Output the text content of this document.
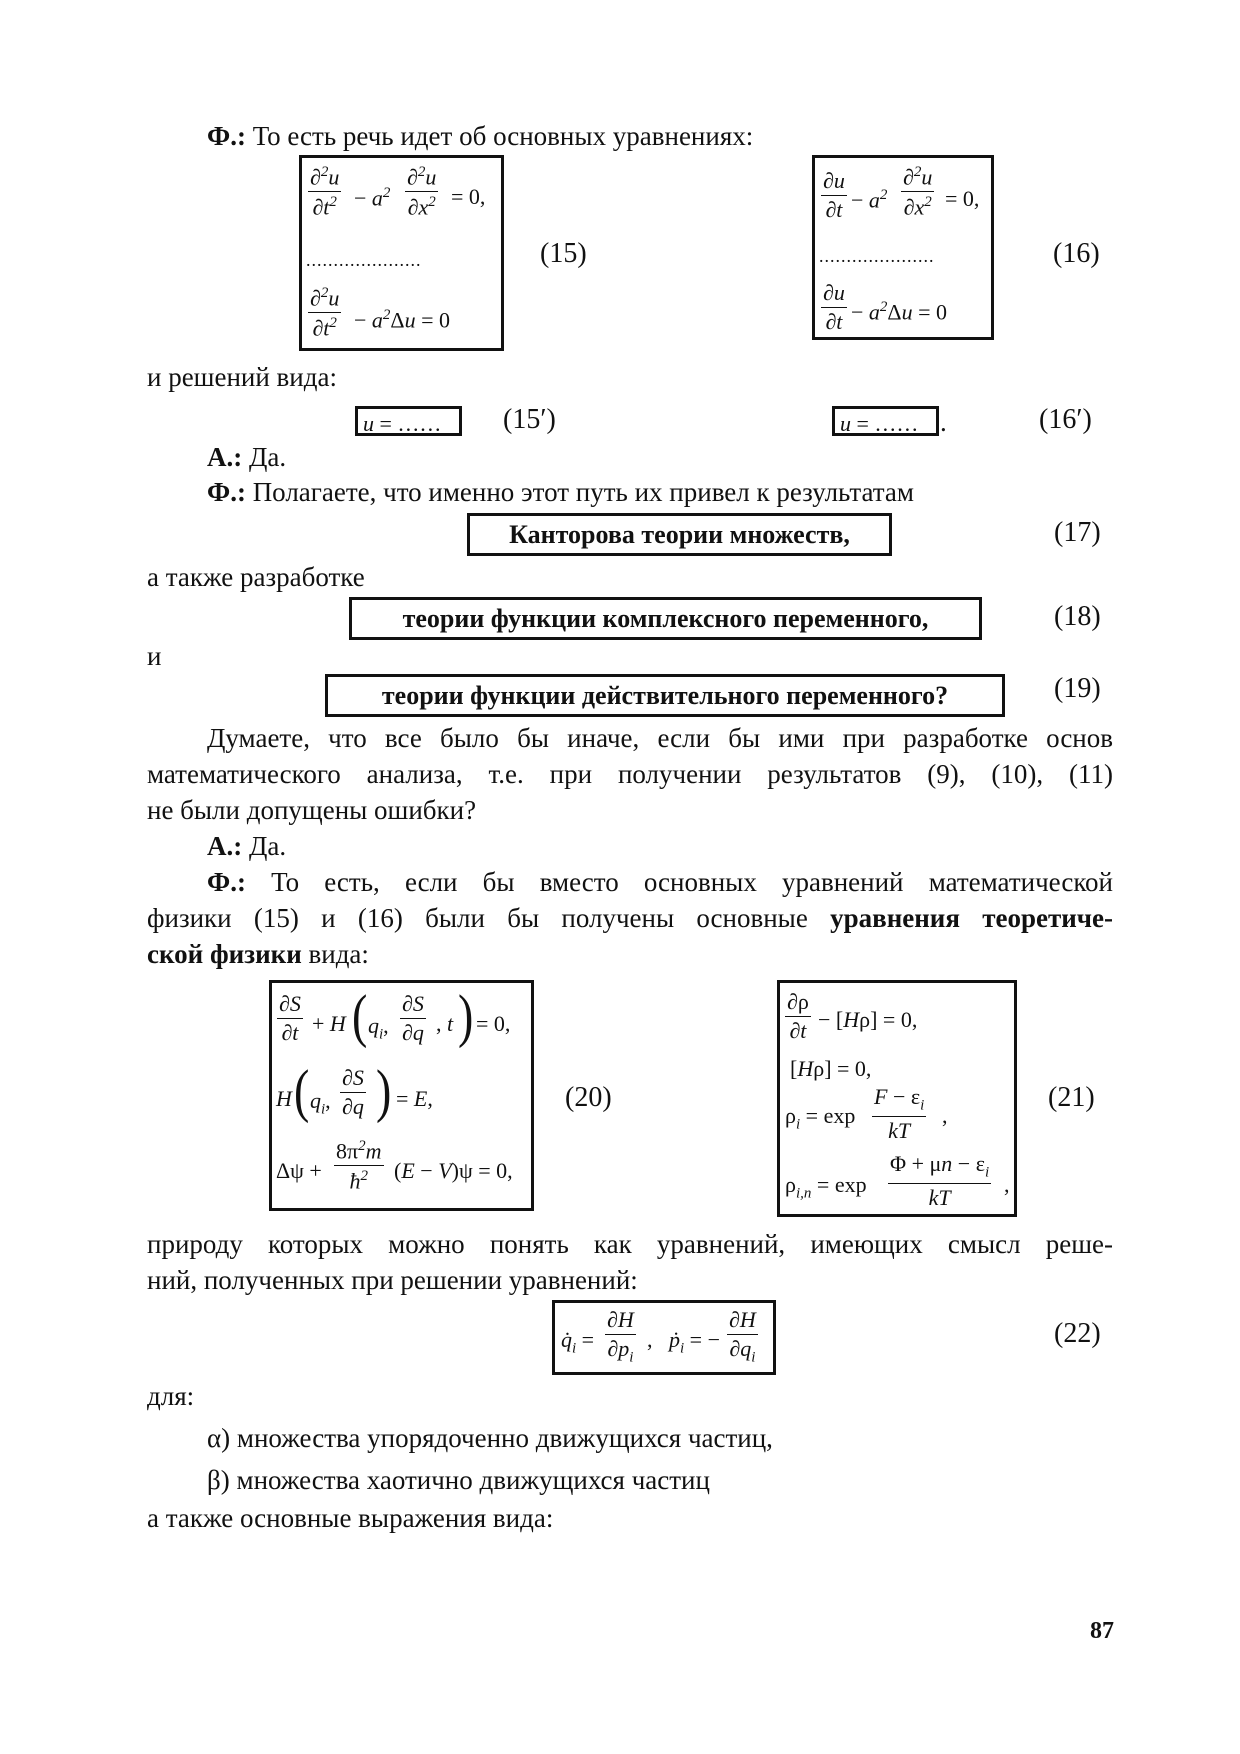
Ф.: То есть речь идет об основных уравнениях:
$\frac{\partial^2u}{\partial t^2} - a^2 \frac{\partial^2u}{\partial x^2} = 0$,
.....................
$\frac{\partial^2u}{\partial t^2} - a^2\Delta u = 0$
(15)
$\frac{\partial u}{\partial t} - a^2 \frac{\partial^2u}{\partial x^2} = 0$,
.....................
$\frac{\partial u}{\partial t} - a^2\Delta u = 0$
(16)
и решений вида:
u = …… (15′)	u = …… .	(16′)
А.: Да.
Ф.: Полагаете, что именно этот путь их привел к результатам
Канторова теории множеств,	(17)
а также разработке
теории функции комплексного переменного,	(18)
и
теории функции действительного переменного?	(19)
Думаете, что все было бы иначе, если бы ими при разработке основ
математического анализа, т.е. при получении результатов (9), (10), (11)
не были допущены ошибки?
А.: Да.
Ф.: То есть, если бы вместо основных уравнений математической
физики (15) и (16) были бы получены основные уравнения теоретиче-
ской физики вида:
$\frac{\partial S}{\partial t} + H$ ( $q_i$, $\frac{\partial S}{\partial q}$ , t ) = 0,
H ( $q_i$, $\frac{\partial S}{\partial q}$ ) = E,
$\Delta\psi + \frac{8\pi^2m}{ħ^2} (E - V)\psi = 0$,
(20)
$\frac{\partial\rho}{\partial t} - [H\rho] = 0$,
[Hρ] = 0,
$\rho_i = \exp \frac{F - \varepsilon_i}{kT}$ ,
$\rho_{i,n} = \exp \frac{\Phi + \mu n - \varepsilon_i}{kT}$ ,
(21)
природу которых можно понять как уравнений, имеющих смысл реше-
ний, полученных при решении уравнений:
$q̇_i = \frac{\partial H}{\partial p_i}$ ,   ṗ$_i$ = − $\frac{\partial H}{\partial q_i}$	(22)
для:
α) множества упорядоченно движущихся частиц,
β) множества хаотично движущихся частиц
а также основные выражения вида:
87
